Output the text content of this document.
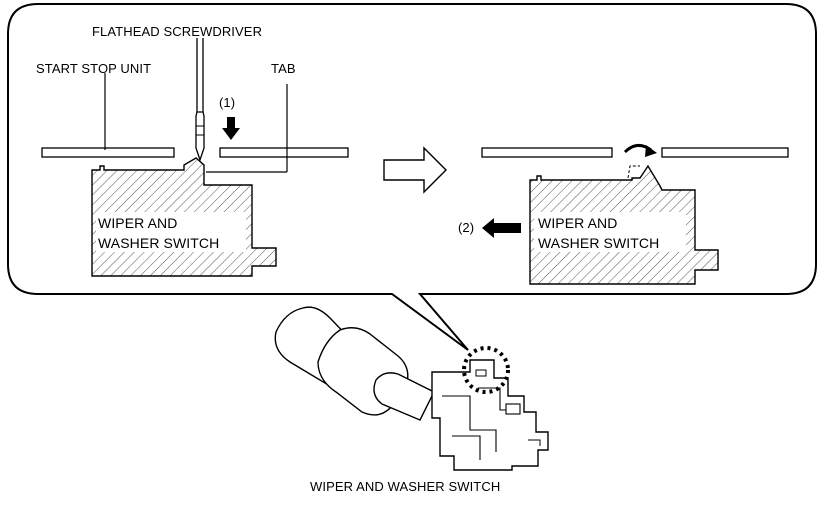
FLATHEAD SCREWDRIVER
START STOP UNIT	TAB
(1)
WIPER AND
WASHER SWITCH
(2)	WIPER AND
WASHER SWITCH
WIPER AND WASHER SWITCH
